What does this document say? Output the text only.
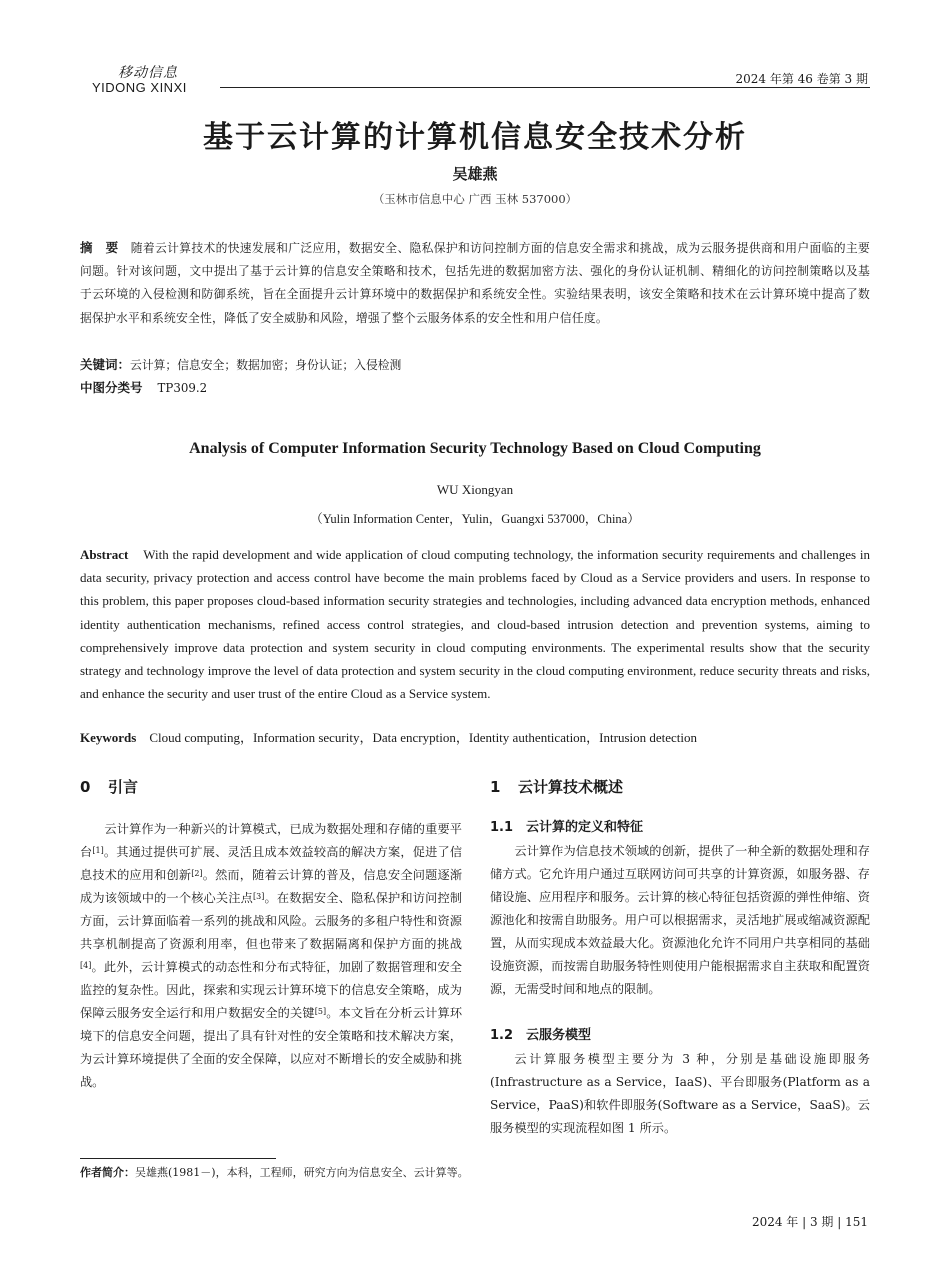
移动信息
YIDONG XINXI
2024 年第 46 卷第 3 期
基于云计算的计算机信息安全技术分析
吴雄燕
（玉林市信息中心 广西 玉林 537000）
摘　要 随着云计算技术的快速发展和广泛应用，数据安全、隐私保护和访问控制方面的信息安全需求和挑战，成为云服务提供商和用户面临的主要问题。针对该问题，文中提出了基于云计算的信息安全策略和技术，包括先进的数据加密方法、强化的身份认证机制、精细化的访问控制策略以及基于云环境的入侵检测和防御系统，旨在全面提升云计算环境中的数据保护和系统安全性。实验结果表明，该安全策略和技术在云计算环境中提高了数据保护水平和系统安全性，降低了安全威胁和风险，增强了整个云服务体系的安全性和用户信任度。
关键词：云计算；信息安全；数据加密；身份认证；入侵检测
中图分类号 TP309.2
Analysis of Computer Information Security Technology Based on Cloud Computing
WU Xiongyan
（Yulin Information Center，Yulin，Guangxi 537000，China）
Abstract With the rapid development and wide application of cloud computing technology, the information security requirements and challenges in data security, privacy protection and access control have become the main problems faced by Cloud as a Service providers and users. In response to this problem, this paper proposes cloud-based information security strategies and technologies, including advanced data encryption methods, enhanced identity authentication mechanisms, refined access control strategies, and cloud-based intrusion detection and prevention systems, aiming to comprehensively improve data protection and system security in cloud computing environments. The experimental results show that the security strategy and technology improve the level of data protection and system security in the cloud computing environment, reduce security threats and risks, and enhance the security and user trust of the entire Cloud as a Service system.
Keywords Cloud computing，Information security，Data encryption，Identity authentication，Intrusion detection
0 引言

云计算作为一种新兴的计算模式，已成为数据处理和存储的重要平台[1]。其通过提供可扩展、灵活且成本效益较高的解决方案，促进了信息技术的应用和创新[2]。然而，随着云计算的普及，信息安全问题逐渐成为该领域中的一个核心关注点[3]。在数据安全、隐私保护和访问控制方面，云计算面临着一系列的挑战和风险。云服务的多租户特性和资源共享机制提高了资源利用率，但也带来了数据隔离和保护方面的挑战[4]。此外，云计算模式的动态性和分布式特征，加剧了数据管理和安全监控的复杂性。因此，探索和实现云计算环境下的信息安全策略，成为保障云服务安全运行和用户数据安全的关键[5]。本文旨在分析云计算环境下的信息安全问题，提出了具有针对性的安全策略和技术解决方案，为云计算环境提供了全面的安全保障，以应对不断增长的安全威胁和挑战。

1 云计算技术概述
1.1 云计算的定义和特征

云计算作为信息技术领域的创新，提供了一种全新的数据处理和存储方式。它允许用户通过互联网访问可共享的计算资源，如服务器、存储设施、应用程序和服务。云计算的核心特征包括资源的弹性伸缩、资源池化和按需自助服务。用户可以根据需求，灵活地扩展或缩减资源配置，从而实现成本效益最大化。资源池化允许不同用户共享相同的基础设施资源，而按需自助服务特性则使用户能根据需求自主获取和配置资源，无需受时间和地点的限制。

1.2 云服务模型

云计算服务模型主要分为 3 种，分别是基础设施即服务(Infrastructure as a Service，IaaS)、平台即服务(Platform as a Service，PaaS)和软件即服务(Software as a Service，SaaS)。云服务模型的实现流程如图 1 所示。

作者简介：吴雄燕(1981－)，本科，工程师，研究方向为信息安全、云计算等。
2024 年 | 3 期 | 151
